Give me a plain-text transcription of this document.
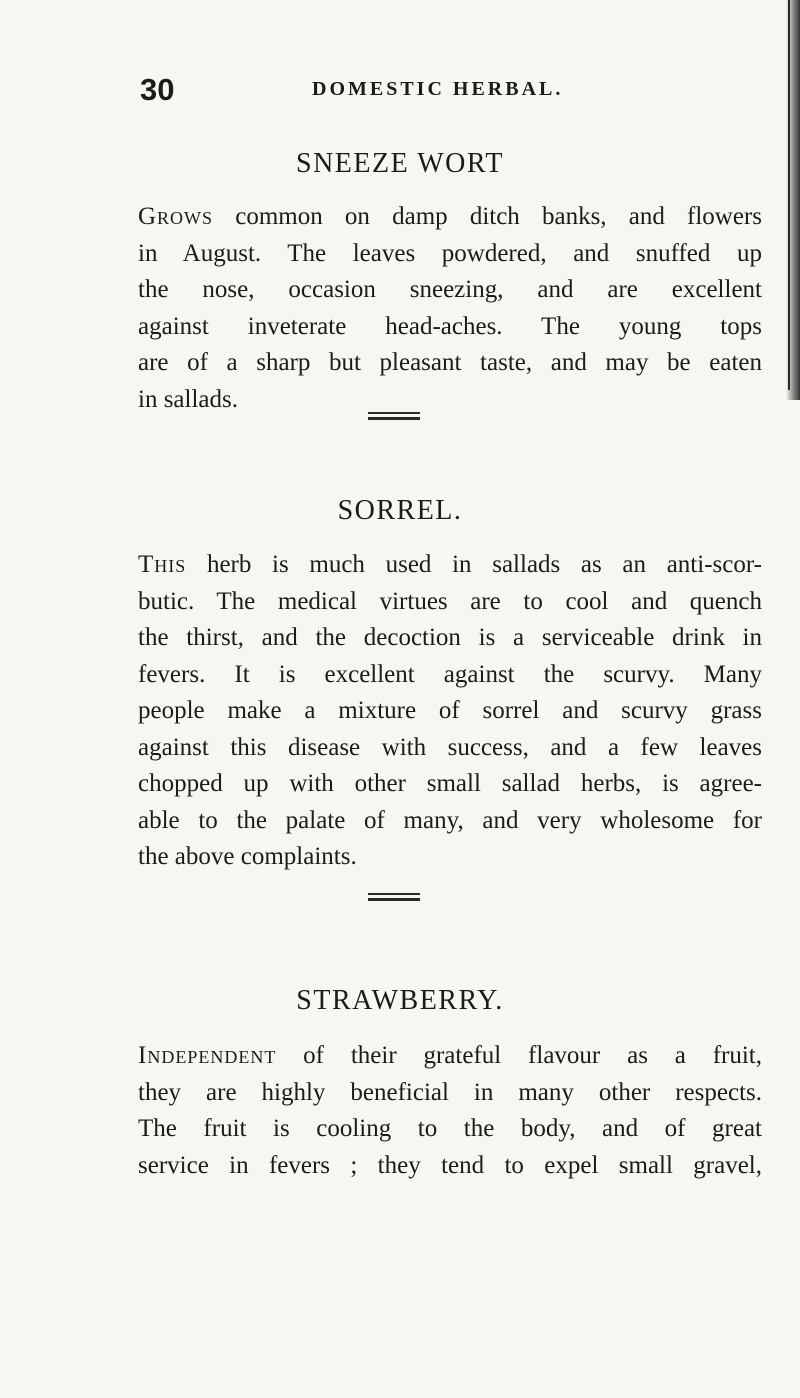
30	DOMESTIC HERBAL.
SNEEZE WORT
Grows common on damp ditch banks, and flowers
in August. The leaves powdered, and snuffed up
the nose, occasion sneezing, and are excellent
against inveterate head-aches. The young tops
are of a sharp but pleasant taste, and may be eaten
in sallads.
SORREL.
This herb is much used in sallads as an anti-scor-
butic. The medical virtues are to cool and quench
the thirst, and the decoction is a serviceable drink in
fevers. It is excellent against the scurvy. Many
people make a mixture of sorrel and scurvy grass
against this disease with success, and a few leaves
chopped up with other small sallad herbs, is agree-
able to the palate of many, and very wholesome for
the above complaints.
STRAWBERRY.
Independent of their grateful flavour as a fruit,
they are highly beneficial in many other respects.
The fruit is cooling to the body, and of great
service in fevers ; they tend to expel small gravel,
